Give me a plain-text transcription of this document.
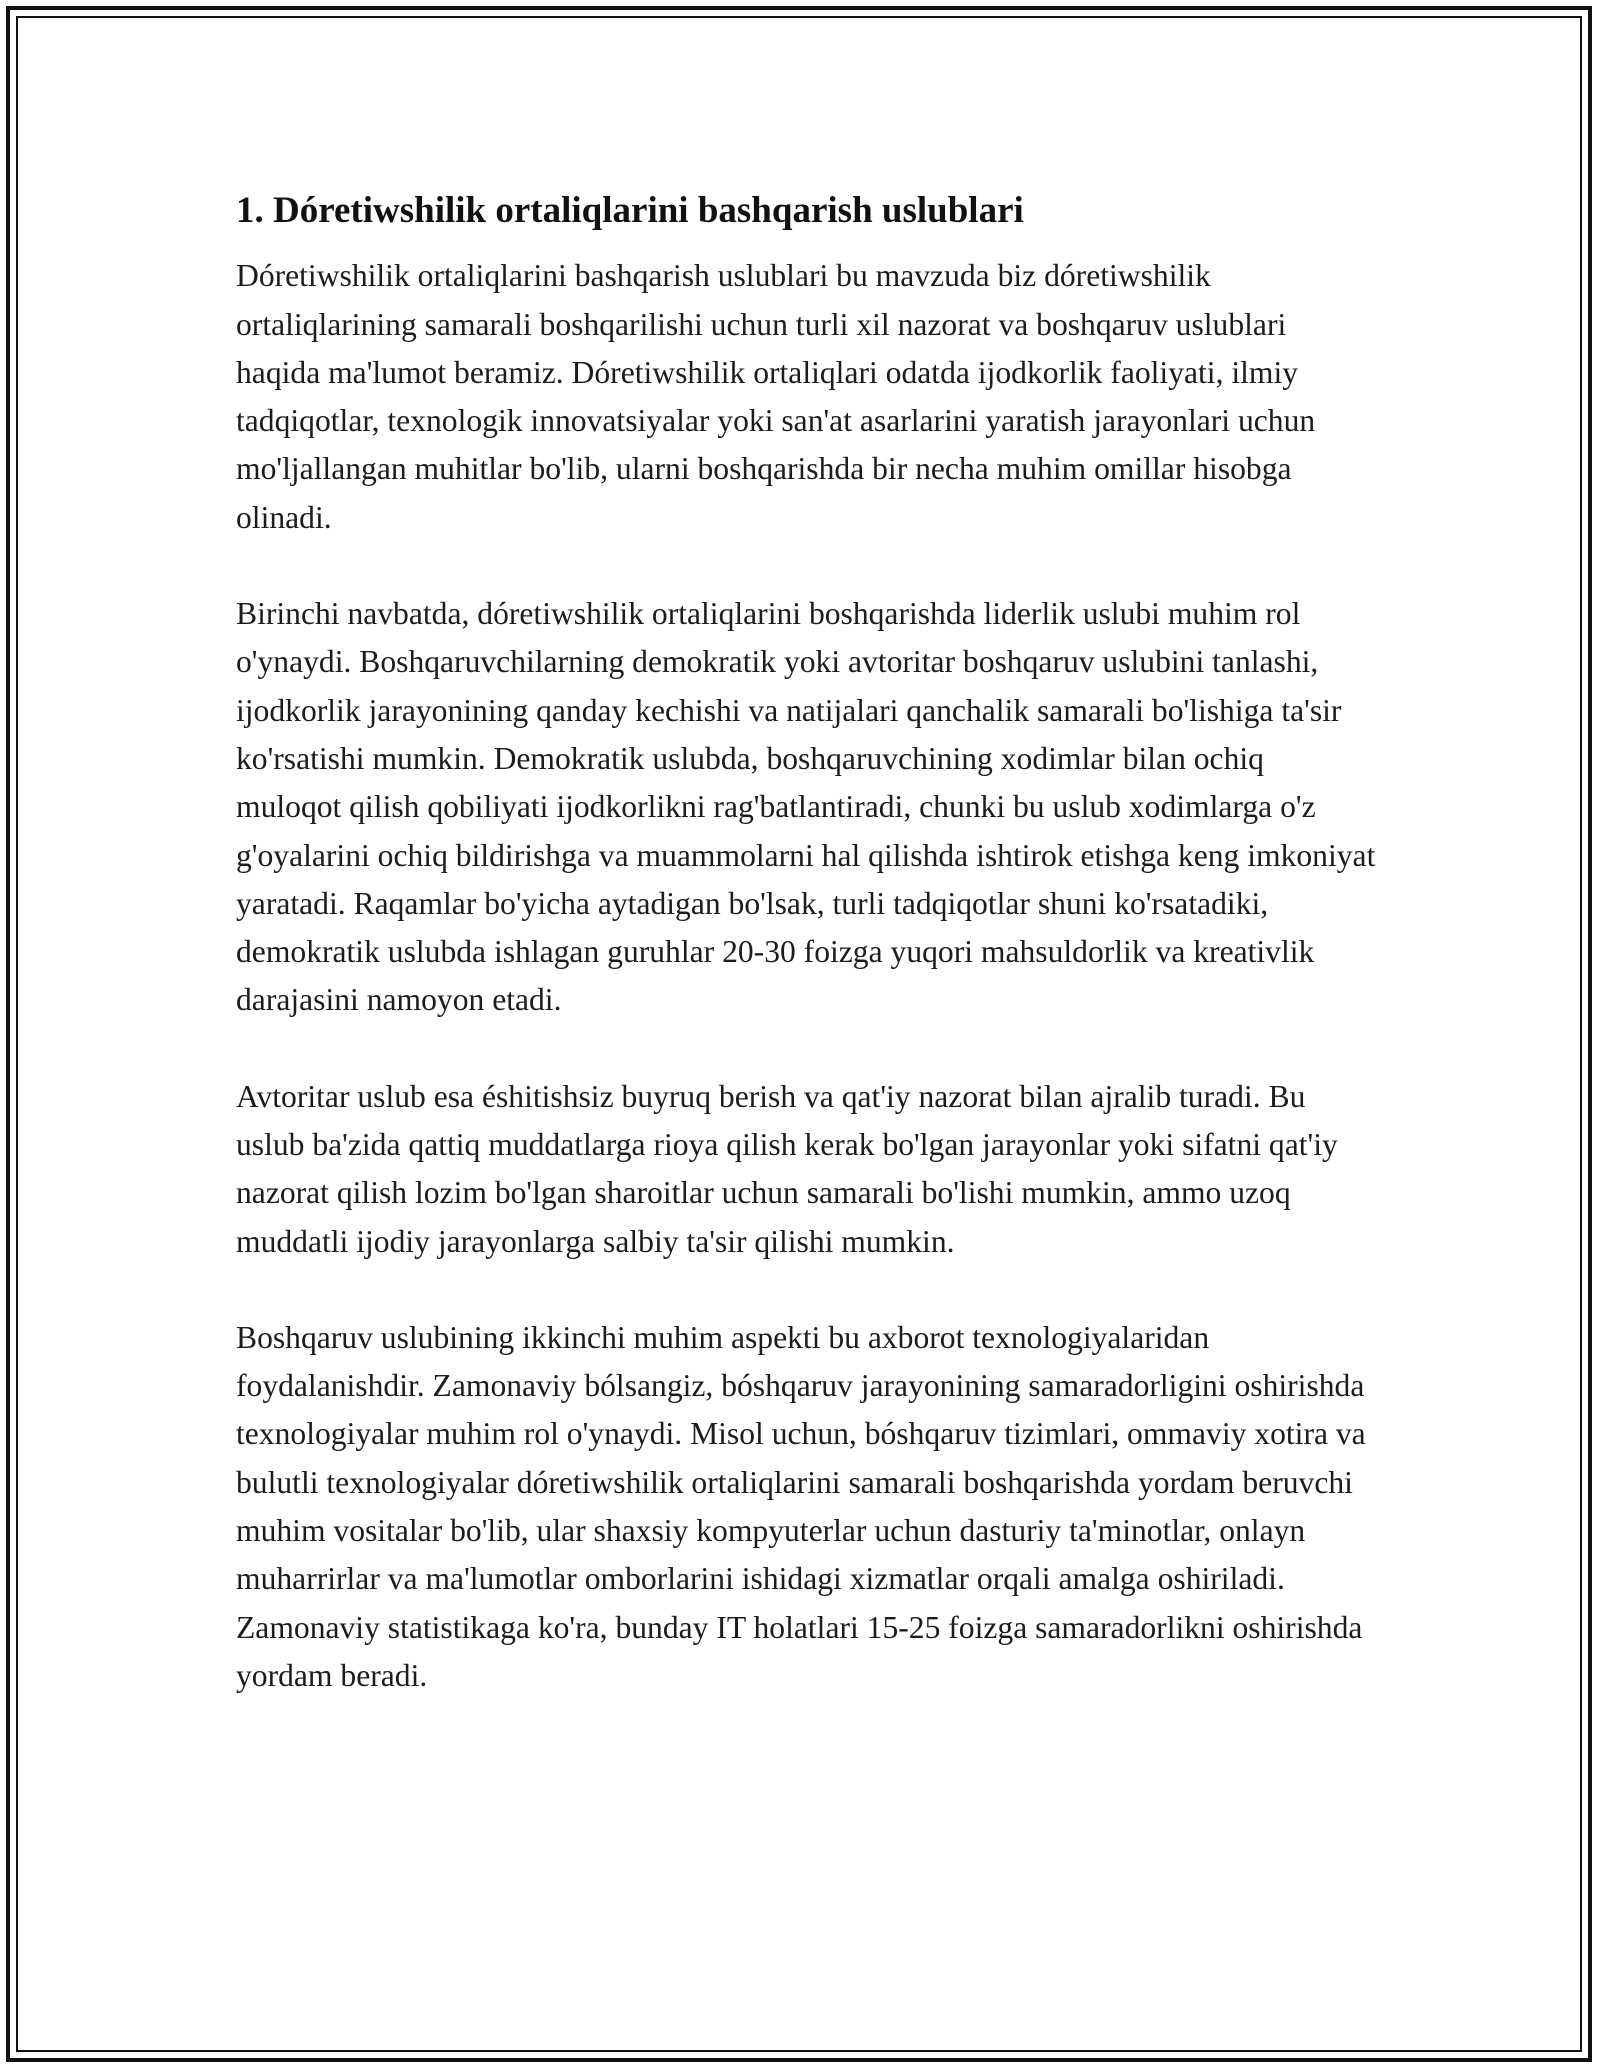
1. Dóretiwshilik ortaliqlarini bashqarish uslublari

Dóretiwshilik ortaliqlarini bashqarish uslublari bu mavzuda biz dóretiwshilik ortaliqlarining samarali boshqarilishi uchun turli xil nazorat va boshqaruv uslublari haqida ma'lumot beramiz. Dóretiwshilik ortaliqlari odatda ijodkorlik faoliyati, ilmiy tadqiqotlar, texnologik innovatsiyalar yoki san'at asarlarini yaratish jarayonlari uchun mo'ljallangan muhitlar bo'lib, ularni boshqarishda bir necha muhim omillar hisobga olinadi.

Birinchi navbatda, dóretiwshilik ortaliqlarini boshqarishda liderlik uslubi muhim rol o'ynaydi. Boshqaruvchilarning demokratik yoki avtoritar boshqaruv uslubini tanlashi, ijodkorlik jarayonining qanday kechishi va natijalari qanchalik samarali bo'lishiga ta'sir ko'rsatishi mumkin. Demokratik uslubda, boshqaruvchining xodimlar bilan ochiq muloqot qilish qobiliyati ijodkorlikni rag'batlantiradi, chunki bu uslub xodimlarga o'z g'oyalarini ochiq bildirishga va muammolarni hal qilishda ishtirok etishga keng imkoniyat yaratadi. Raqamlar bo'yicha aytadigan bo'lsak, turli tadqiqotlar shuni ko'rsatadiki, demokratik uslubda ishlagan guruhlar 20-30 foizga yuqori mahsuldorlik va kreativlik darajasini namoyon etadi.

Avtoritar uslub esa éshitishsiz buyruq berish va qat'iy nazorat bilan ajralib turadi. Bu uslub ba'zida qattiq muddatlarga rioya qilish kerak bo'lgan jarayonlar yoki sifatni qat'iy nazorat qilish lozim bo'lgan sharoitlar uchun samarali bo'lishi mumkin, ammo uzoq muddatli ijodiy jarayonlarga salbiy ta'sir qilishi mumkin.

Boshqaruv uslubining ikkinchi muhim aspekti bu axborot texnologiyalaridan foydalanishdir. Zamonaviy bólsangiz, bóshqaruv jarayonining samaradorligini oshirishda texnologiyalar muhim rol o'ynaydi. Misol uchun, bóshqaruv tizimlari, ommaviy xotira va bulutli texnologiyalar dóretiwshilik ortaliqlarini samarali boshqarishda yordam beruvchi muhim vositalar bo'lib, ular shaxsiy kompyuterlar uchun dasturiy ta'minotlar, onlayn muharrirlar va ma'lumotlar omborlarini ishidagi xizmatlar orqali amalga oshiriladi. Zamonaviy statistikaga ko'ra, bunday IT holatlari 15-25 foizga samaradorlikni oshirishda yordam beradi.
